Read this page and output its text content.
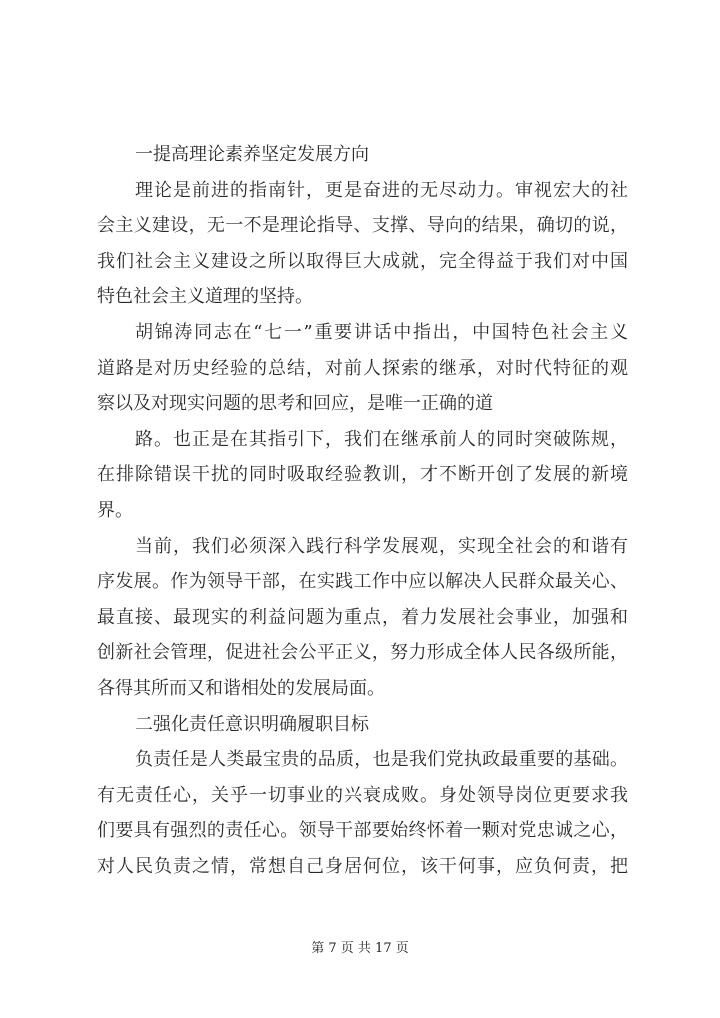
一提高理论素养坚定发展方向
理论是前进的指南针，更是奋进的无尽动力。审视宏大的社
会主义建设，无一不是理论指导、支撑、导向的结果，确切的说，
我们社会主义建设之所以取得巨大成就，完全得益于我们对中国
特色社会主义道理的坚持。
胡锦涛同志在“七一”重要讲话中指出，中国特色社会主义
道路是对历史经验的总结，对前人探索的继承，对时代特征的观
察以及对现实问题的思考和回应，是唯一正确的道
路。也正是在其指引下，我们在继承前人的同时突破陈规，
在排除错误干扰的同时吸取经验教训，才不断开创了发展的新境
界。
当前，我们必须深入践行科学发展观，实现全社会的和谐有
序发展。作为领导干部，在实践工作中应以解决人民群众最关心、
最直接、最现实的利益问题为重点，着力发展社会事业，加强和
创新社会管理，促进社会公平正义，努力形成全体人民各级所能，
各得其所而又和谐相处的发展局面。
二强化责任意识明确履职目标
负责任是人类最宝贵的品质，也是我们党执政最重要的基础。
有无责任心，关乎一切事业的兴衰成败。身处领导岗位更要求我
们要具有强烈的责任心。领导干部要始终怀着一颗对党忠诚之心，
对人民负责之情，常想自己身居何位，该干何事，应负何责，把
第 7 页 共 17 页
